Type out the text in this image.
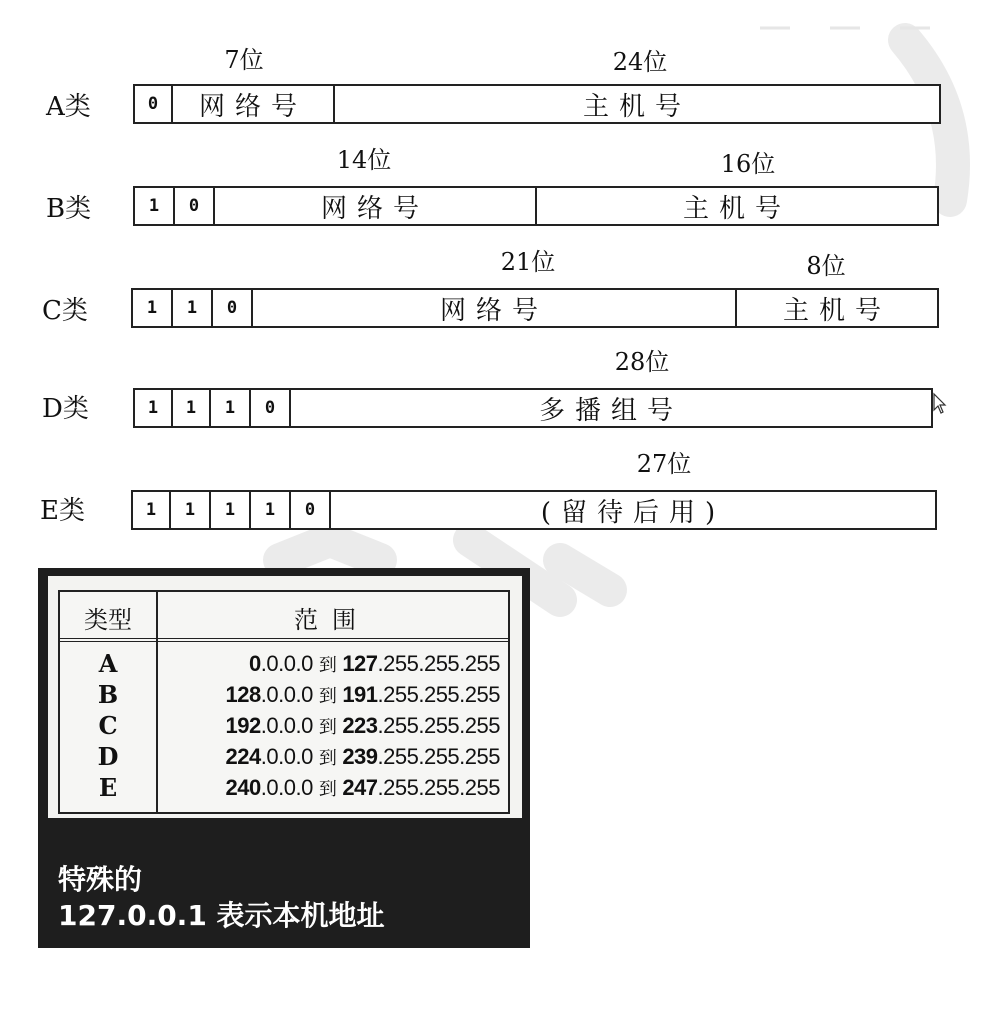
A类
7位	24位
0	网络号	主机号
B类
14位	16位
1	0	网络号	主机号
C类
21位	8位
1	1	0	网络号	主机号
D类
28位
1	1	1	0	多播组号
E类
27位
1	1	1	1	0	(留待后用)
类型	范围
A	0.0.0.0 到 127.255.255.255
B	128.0.0.0 到 191.255.255.255
C	192.0.0.0 到 223.255.255.255
D	224.0.0.0 到 239.255.255.255
E	240.0.0.0 到 247.255.255.255
特殊的
127.0.0.1 表示本机地址
